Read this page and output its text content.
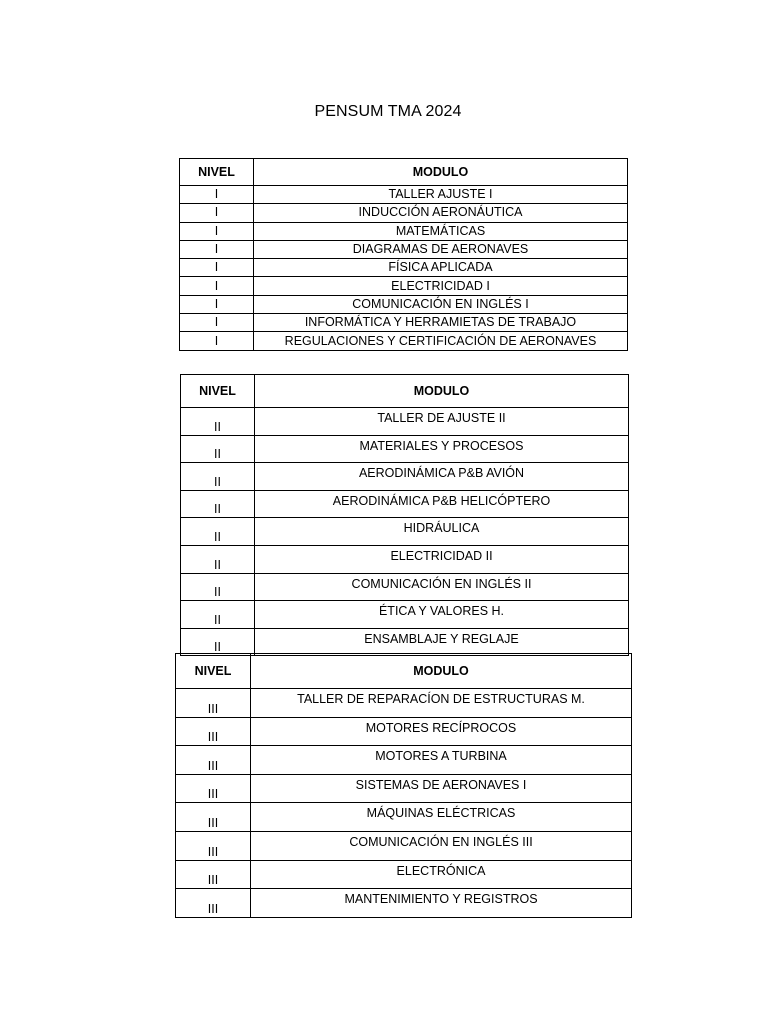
PENSUM TMA 2024
NIVEL	MODULO
I	TALLER AJUSTE I
I	INDUCCIÓN AERONÁUTICA
I	MATEMÁTICAS
I	DIAGRAMAS DE AERONAVES
I	FÍSICA APLICADA
I	ELECTRICIDAD I
I	COMUNICACIÓN EN INGLÉS I
I	INFORMÁTICA Y HERRAMIETAS DE TRABAJO
I	REGULACIONES Y CERTIFICACIÓN DE AERONAVES
NIVEL	MODULO
II	TALLER DE AJUSTE II
II	MATERIALES Y PROCESOS
II	AERODINÁMICA P&B AVIÓN
II	AERODINÁMICA P&B HELICÓPTERO
II	HIDRÁULICA
II	ELECTRICIDAD II
II	COMUNICACIÓN EN INGLÉS II
II	ÉTICA Y VALORES H.
II	ENSAMBLAJE Y REGLAJE
NIVEL	MODULO
III	TALLER DE REPARACÍON DE ESTRUCTURAS M.
III	MOTORES RECÍPROCOS
III	MOTORES A TURBINA
III	SISTEMAS DE AERONAVES I
III	MÁQUINAS ELÉCTRICAS
III	COMUNICACIÓN EN INGLÉS III
III	ELECTRÓNICA
III	MANTENIMIENTO Y REGISTROS
